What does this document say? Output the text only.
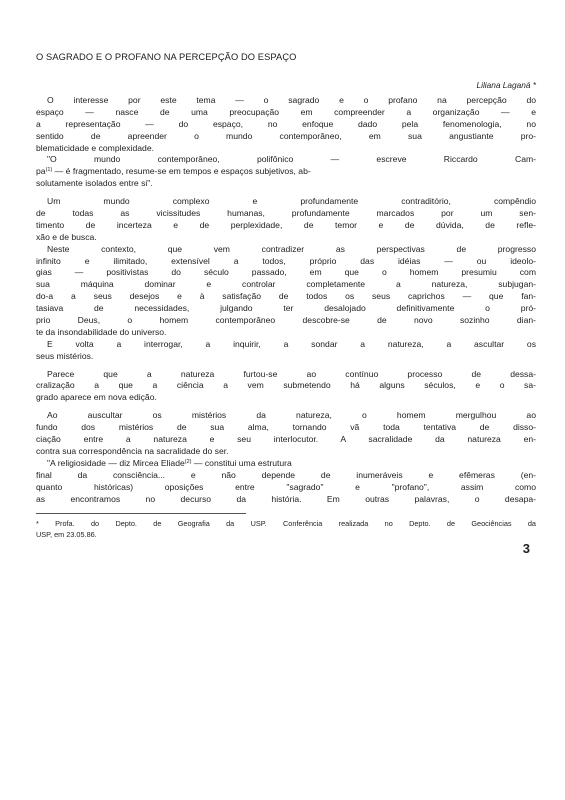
O SAGRADO E O PROFANO NA PERCEPÇÃO DO ESPAÇO
Liliana Laganá *
O interesse por este tema — o sagrado e o profano na percepção do
espaço — nasce de uma preocupação em compreender a organização — e
a representação — do espaço, no enfoque dado pela fenomenologia, no
sentido de apreender o mundo contemporâneo, em sua angustiante pro-
blematicidade e complexidade.
"O mundo contemporâneo, polifônico — escreve Riccardo Cam-
$pa^{(1)}$ — é fragmentado, resume-se em tempos e espaços subjetivos, ab-
solutamente isolados entre si".
Um mundo complexo e profundamente contraditório, compêndio
de todas as vicissitudes humanas, profundamente marcados por um sen-
timento de incerteza e de perplexidade, de temor e de dúvida, de refle-
xão e de busca.
Neste contexto, que vem contradizer as perspectivas de progresso
infinito e ilimitado, extensível a todos, próprio das idéias — ou ideolo-
gias — positivistas do século passado, em que o homem presumiu com
sua máquina dominar e controlar completamente a natureza, subjugan-
do-a a seus desejos e à satisfação de todos os seus caprichos — que fan-
tasiava de necessidades, julgando ter desalojado definitivamente o pró-
prio Deus, o homem contemporâneo descobre-se de novo sozinho dian-
te da insondabilidade do universo.
E volta a interrogar, a inquirir, a sondar a natureza, a ascultar os
seus mistérios.
Parece que a natureza furtou-se ao contínuo processo de dessa-
cralização a que a ciência a vem submetendo há alguns séculos, e o sa-
grado aparece em nova edição.
Ao auscultar os mistérios da natureza, o homem mergulhou ao
fundo dos mistérios de sua alma, tornando vã toda tentativa de disso-
ciação entre a natureza e seu interlocutor. A sacralidade da natureza en-
contra sua correspondência na sacralidade do ser.
"A religiosidade — diz Mircea Eliade$^{(2)}$ — constitui uma estrutura
final da consciência... e não depende de inumeráveis e efêmeras (en-
quanto históricas) oposições entre "sagrado" e "profano", assim como
as encontramos no decurso da história. Em outras palavras, o desapa-
* Profa. do Depto. de Geografia da USP. Conferência realizada no Depto. de Geociências da
USP, em 23.05.86.
3
